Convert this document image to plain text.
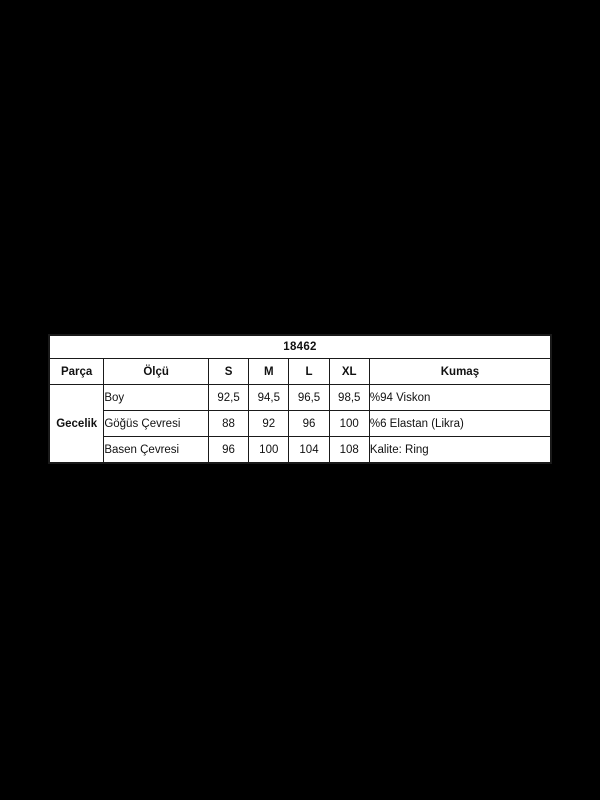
18462						
Parça	Ölçü	S	M	L	XL	Kumaş
Gecelik	Boy	92,5	94,5	96,5	98,5	%94 Viskon
	Göğüs Çevresi	88	92	96	100	%6 Elastan (Likra)
	Basen Çevresi	96	100	104	108	Kalite: Ring
